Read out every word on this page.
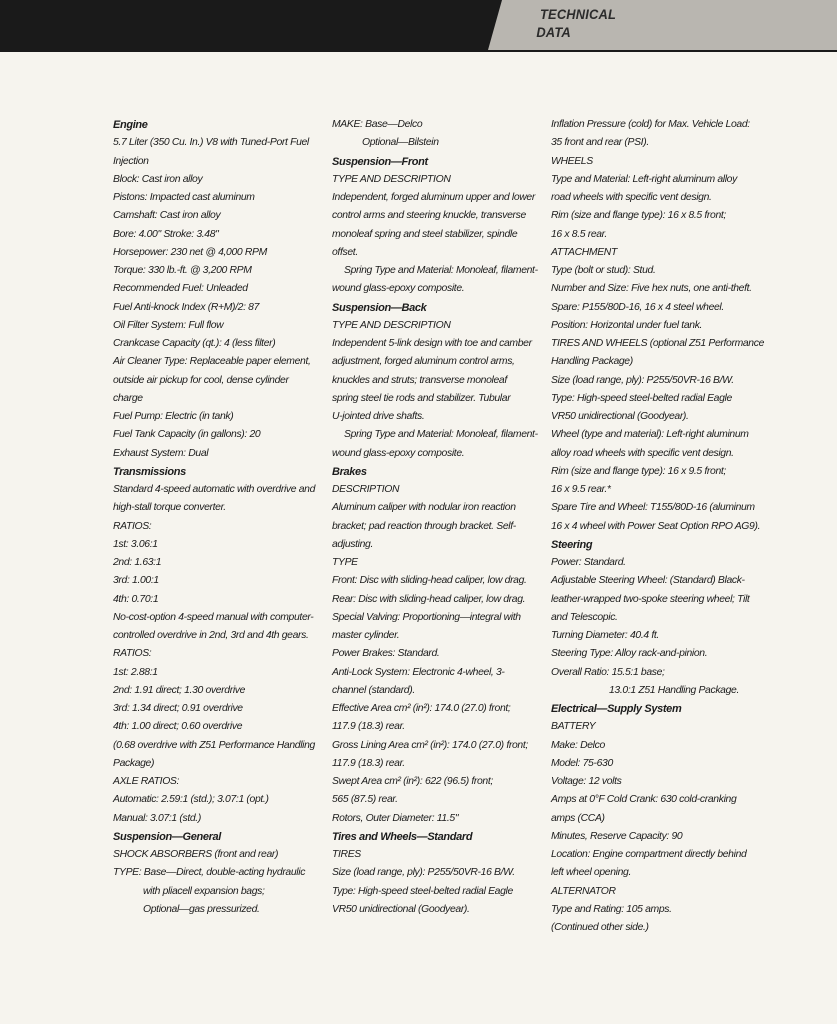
TECHNICAL
DATA
Engine
5.7 Liter (350 Cu. In.) V8 with Tuned-Port Fuel
Injection
Block: Cast iron alloy
Pistons: Impacted cast aluminum
Camshaft: Cast iron alloy
Bore: 4.00" Stroke: 3.48"
Horsepower: 230 net @ 4,000 RPM
Torque: 330 lb.-ft. @ 3,200 RPM
Recommended Fuel: Unleaded
Fuel Anti-knock Index (R+M)/2: 87
Oil Filter System: Full flow
Crankcase Capacity (qt.): 4 (less filter)
Air Cleaner Type: Replaceable paper element,
outside air pickup for cool, dense cylinder
charge
Fuel Pump: Electric (in tank)
Fuel Tank Capacity (in gallons): 20
Exhaust System: Dual
Transmissions
Standard 4-speed automatic with overdrive and
high-stall torque converter.
RATIOS:
1st: 3.06:1
2nd: 1.63:1
3rd: 1.00:1
4th: 0.70:1
No-cost-option 4-speed manual with computer-
controlled overdrive in 2nd, 3rd and 4th gears.
RATIOS:
1st: 2.88:1
2nd: 1.91 direct; 1.30 overdrive
3rd: 1.34 direct; 0.91 overdrive
4th: 1.00 direct; 0.60 overdrive
(0.68 overdrive with Z51 Performance Handling
Package)
AXLE RATIOS:
Automatic: 2.59:1 (std.); 3.07:1 (opt.)
Manual: 3.07:1 (std.)
Suspension—General
SHOCK ABSORBERS (front and rear)
TYPE: Base—Direct, double-acting hydraulic
with pliacell expansion bags;
Optional—gas pressurized.
MAKE: Base—Delco
Optional—Bilstein
Suspension—Front
TYPE AND DESCRIPTION
Independent, forged aluminum upper and lower
control arms and steering knuckle, transverse
monoleaf spring and steel stabilizer, spindle
offset.
Spring Type and Material: Monoleaf, filament-
wound glass-epoxy composite.
Suspension—Back
TYPE AND DESCRIPTION
Independent 5-link design with toe and camber
adjustment, forged aluminum control arms,
knuckles and struts; transverse monoleaf
spring steel tie rods and stabilizer. Tubular
U-jointed drive shafts.
Spring Type and Material: Monoleaf, filament-
wound glass-epoxy composite.
Brakes
DESCRIPTION
Aluminum caliper with nodular iron reaction
bracket; pad reaction through bracket. Self-
adjusting.
TYPE
Front: Disc with sliding-head caliper, low drag.
Rear: Disc with sliding-head caliper, low drag.
Special Valving: Proportioning—integral with
master cylinder.
Power Brakes: Standard.
Anti-Lock System: Electronic 4-wheel, 3-
channel (standard).
Effective Area cm² (in²): 174.0 (27.0) front;
117.9 (18.3) rear.
Gross Lining Area cm² (in²): 174.0 (27.0) front;
117.9 (18.3) rear.
Swept Area cm² (in²): 622 (96.5) front;
565 (87.5) rear.
Rotors, Outer Diameter: 11.5"
Tires and Wheels—Standard
TIRES
Size (load range, ply): P255/50VR-16 B/W.
Type: High-speed steel-belted radial Eagle
VR50 unidirectional (Goodyear).
Inflation Pressure (cold) for Max. Vehicle Load:
35 front and rear (PSI).
WHEELS
Type and Material: Left-right aluminum alloy
road wheels with specific vent design.
Rim (size and flange type): 16 x 8.5 front;
16 x 8.5 rear.
ATTACHMENT
Type (bolt or stud): Stud.
Number and Size: Five hex nuts, one anti-theft.
Spare: P155/80D-16, 16 x 4 steel wheel.
Position: Horizontal under fuel tank.
TIRES AND WHEELS (optional Z51 Performance
Handling Package)
Size (load range, ply): P255/50VR-16 B/W.
Type: High-speed steel-belted radial Eagle
VR50 unidirectional (Goodyear).
Wheel (type and material): Left-right aluminum
alloy road wheels with specific vent design.
Rim (size and flange type): 16 x 9.5 front;
16 x 9.5 rear.*
Spare Tire and Wheel: T155/80D-16 (aluminum
16 x 4 wheel with Power Seat Option RPO AG9).
Steering
Power: Standard.
Adjustable Steering Wheel: (Standard) Black-
leather-wrapped two-spoke steering wheel; Tilt
and Telescopic.
Turning Diameter: 40.4 ft.
Steering Type: Alloy rack-and-pinion.
Overall Ratio: 15.5:1 base;
13.0:1 Z51 Handling Package.
Electrical—Supply System
BATTERY
Make: Delco
Model: 75-630
Voltage: 12 volts
Amps at 0°F Cold Crank: 630 cold-cranking
amps (CCA)
Minutes, Reserve Capacity: 90
Location: Engine compartment directly behind
left wheel opening.
ALTERNATOR
Type and Rating: 105 amps.
(Continued other side.)
